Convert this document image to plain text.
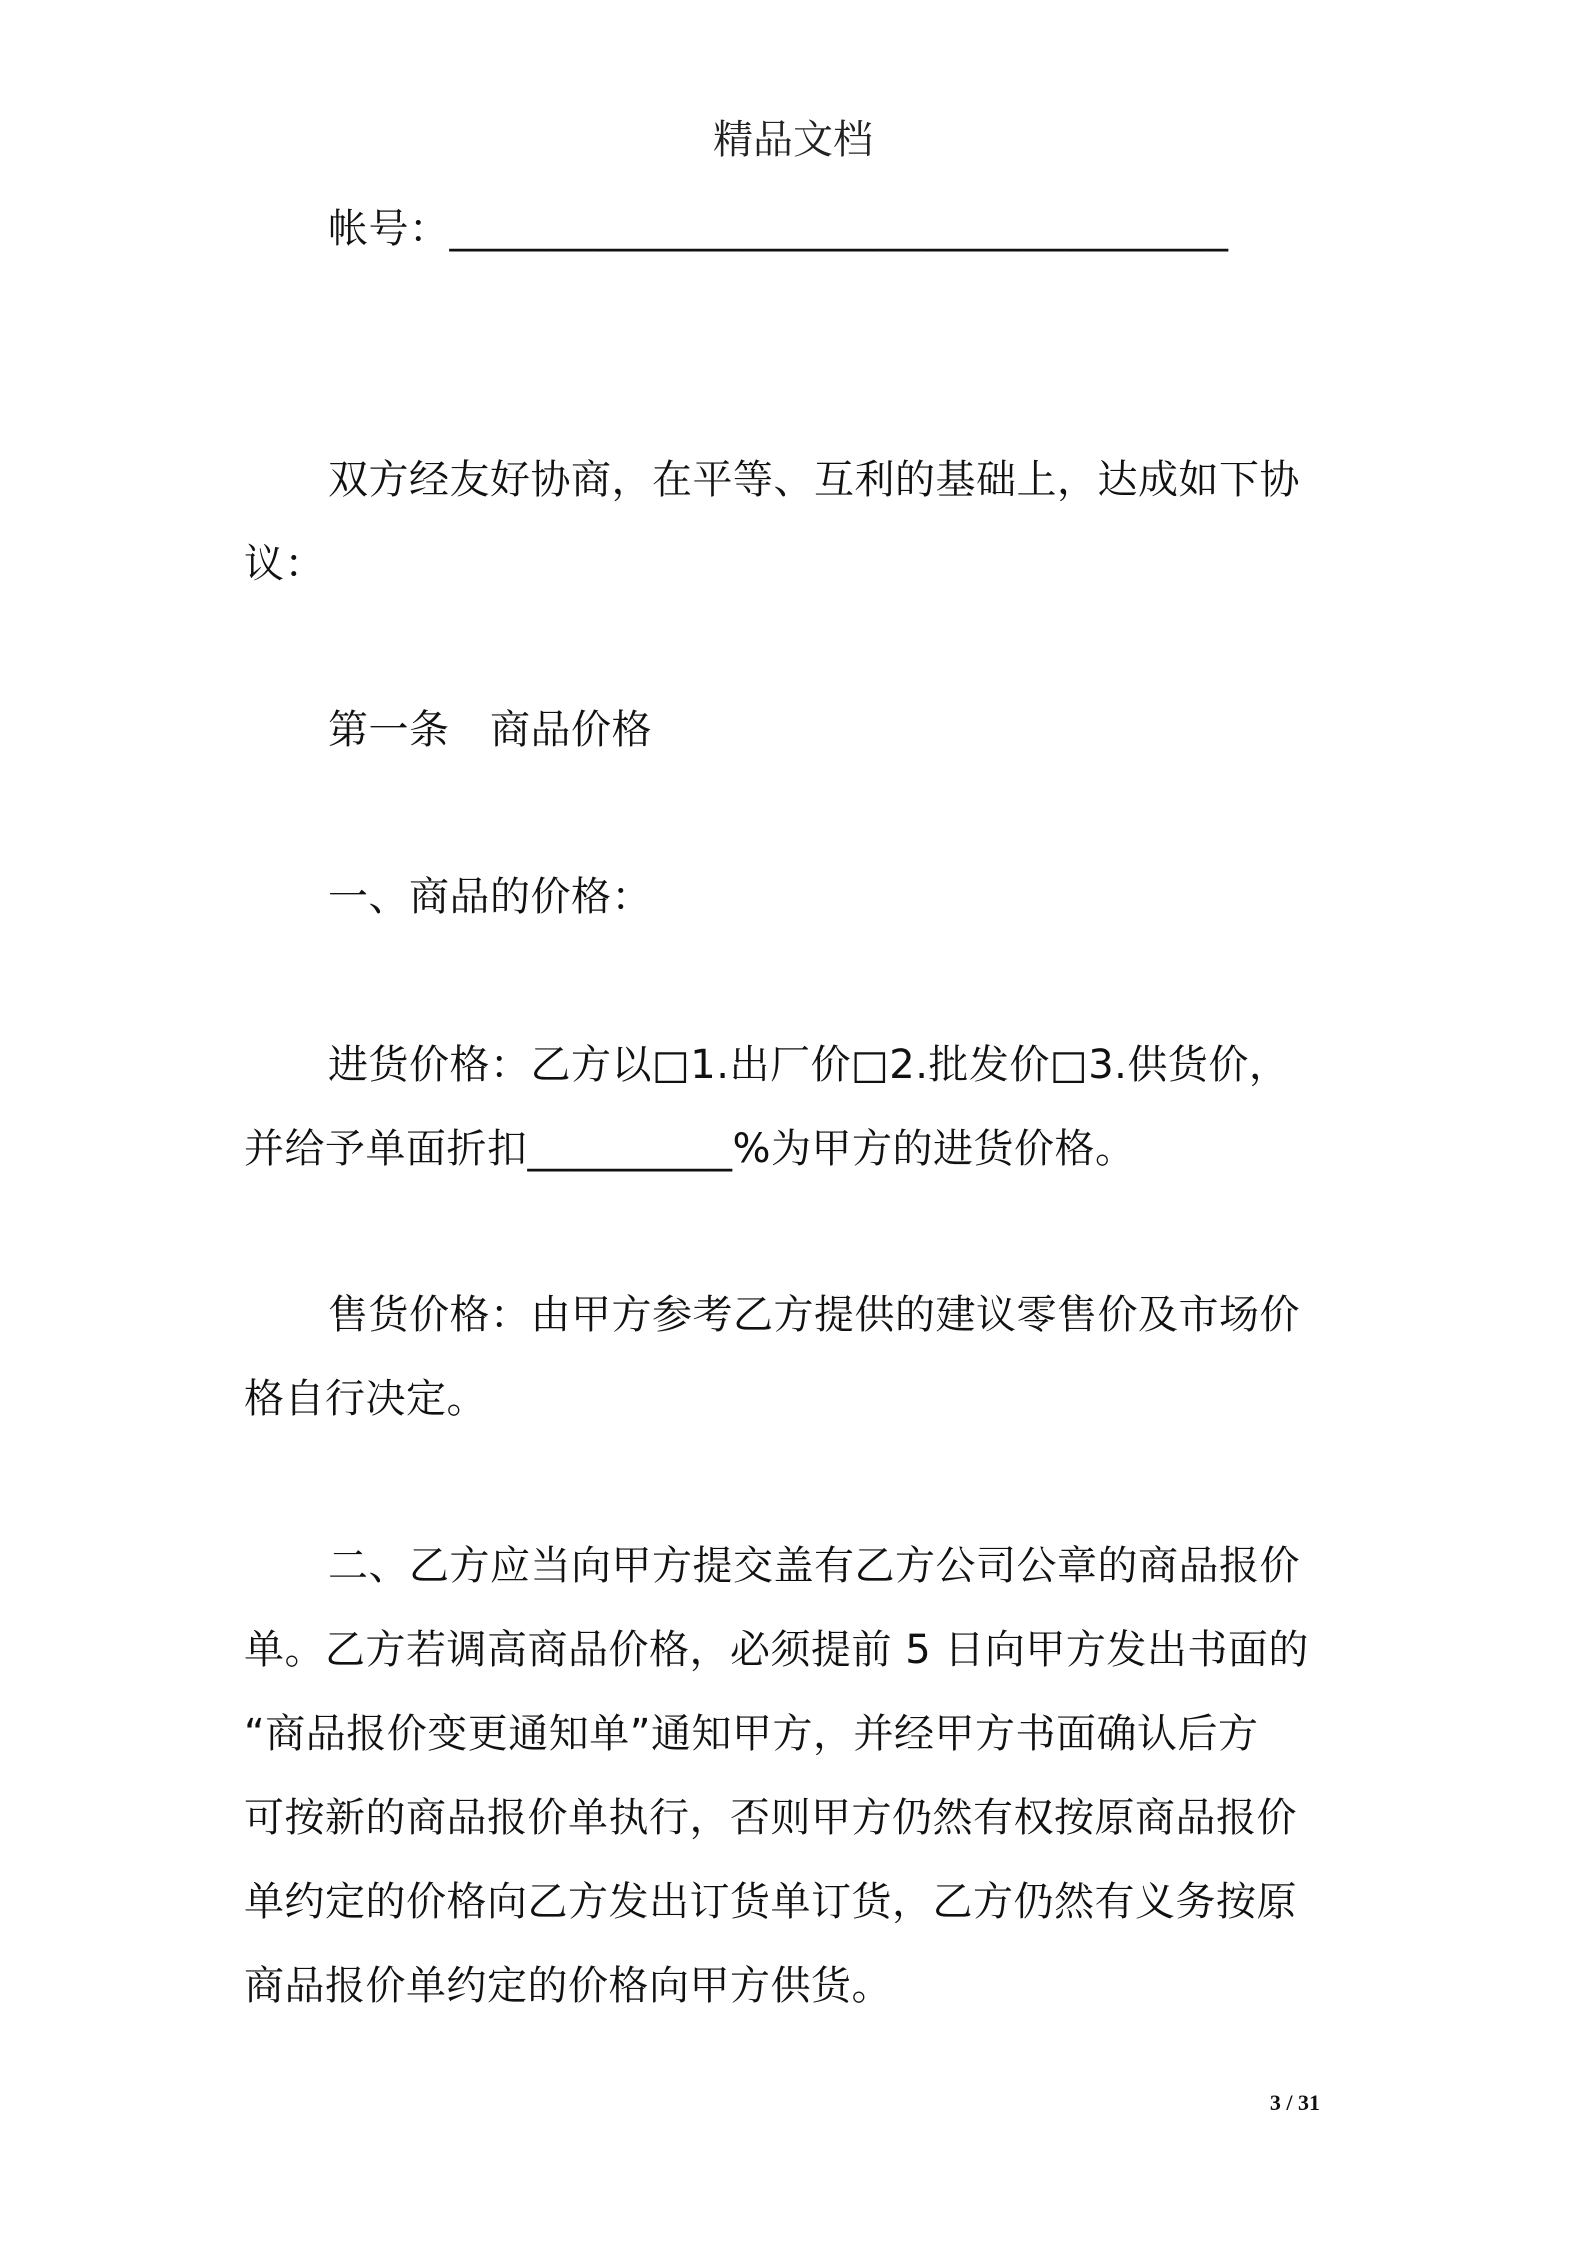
精品文档
帐号：______________________________________
双方经友好协商，在平等、互利的基础上，达成如下协
议：
第一条　商品价格
一、商品的价格：
进货价格：乙方以□1.出厂价□2.批发价□3.供货价，
并给予单面折扣__________%为甲方的进货价格。
售货价格：由甲方参考乙方提供的建议零售价及市场价
格自行决定。
二、乙方应当向甲方提交盖有乙方公司公章的商品报价
单。乙方若调高商品价格，必须提前 5 日向甲方发出书面的
“商品报价变更通知单”通知甲方，并经甲方书面确认后方
可按新的商品报价单执行，否则甲方仍然有权按原商品报价
单约定的价格向乙方发出订货单订货，乙方仍然有义务按原
商品报价单约定的价格向甲方供货。
3 / 31
